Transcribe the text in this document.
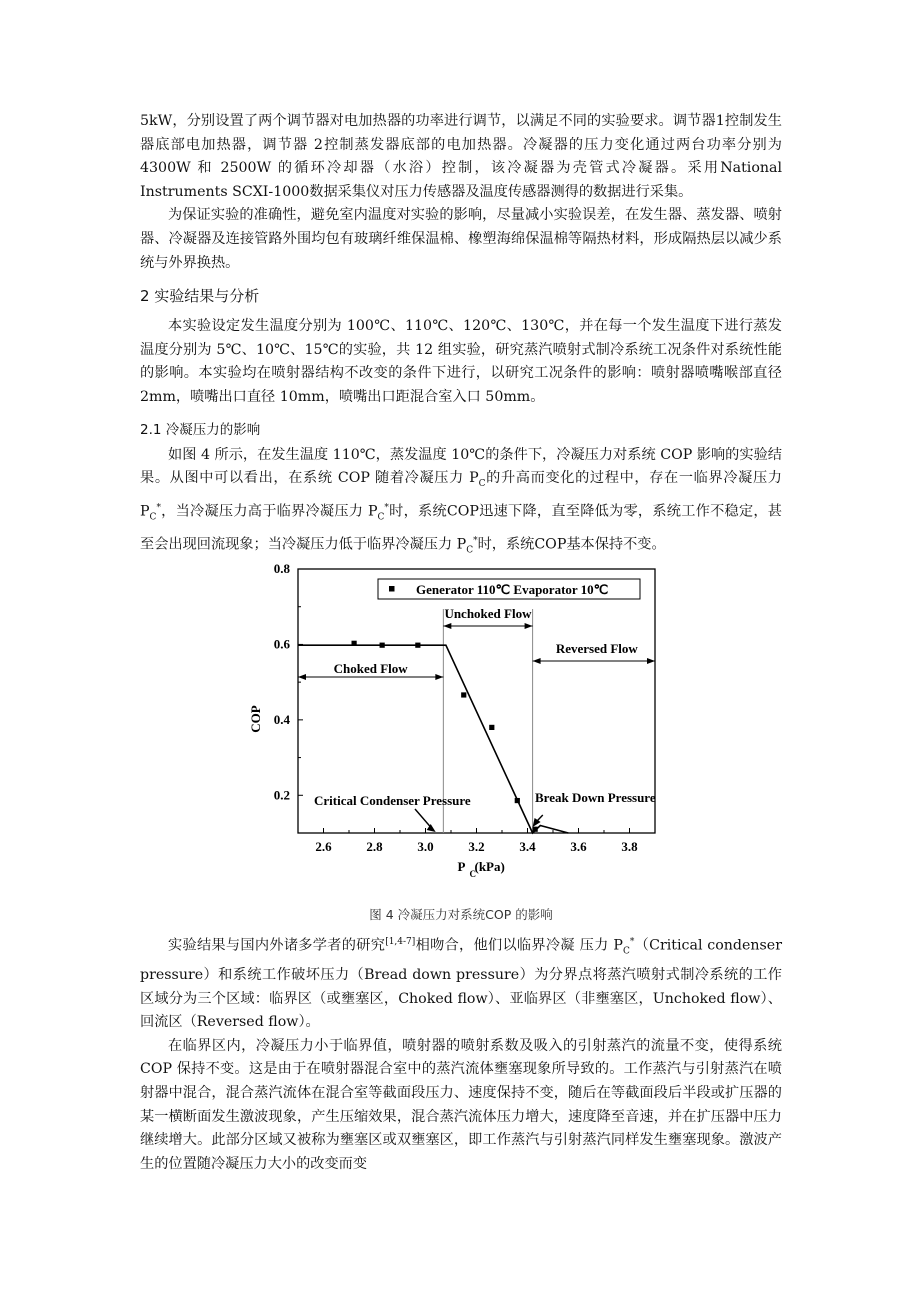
5kW，分别设置了两个调节器对电加热器的功率进行调节，以满足不同的实验要求。调节器1控制发生器底部电加热器，调节器 2控制蒸发器底部的电加热器。冷凝器的压力变化通过两台功率分别为 4300W 和 2500W 的循环冷却器（水浴）控制，该冷凝器为壳管式冷凝器。采用National Instruments SCXI-1000数据采集仪对压力传感器及温度传感器测得的数据进行采集。

为保证实验的准确性，避免室内温度对实验的影响，尽量减小实验误差，在发生器、蒸发器、喷射器、冷凝器及连接管路外围均包有玻璃纤维保温棉、橡塑海绵保温棉等隔热材料，形成隔热层以减少系统与外界换热。

2 实验结果与分析

本实验设定发生温度分别为 100℃、110℃、120℃、130℃，并在每一个发生温度下进行蒸发温度分别为 5℃、10℃、15℃的实验，共 12 组实验，研究蒸汽喷射式制冷系统工况条件对系统性能的影响。本实验均在喷射器结构不改变的条件下进行，以研究工况条件的影响：喷射器喷嘴喉部直径 2mm，喷嘴出口直径 10mm，喷嘴出口距混合室入口 50mm。

2.1 冷凝压力的影响

如图 4 所示，在发生温度 110℃，蒸发温度 10℃的条件下，冷凝压力对系统 COP 影响的实验结果。从图中可以看出，在系统 COP 随着冷凝压力 $P_C$的升高而变化的过程中，存在一临界冷凝压力 $P_C^*$，当冷凝压力高于临界冷凝压力 $P_C^*$时，系统COP迅速下降，直至降低为零，系统工作不稳定，甚至会出现回流现象；当冷凝压力低于临界冷凝压力 $P_C^*$时，系统COP基本保持不变。

2.6	2.8	3.0	3.2	3.4	3.6	3.8
0.2
0.4
0.6
0.8
P C
(kPa)
COP
Generator 110℃ Evaporator 10℃
Unchoked Flow
Choked Flow
Reversed Flow
Critical Condenser Pressure	Break Down Pressure
图 4 冷凝压力对系统COP 的影响

实验结果与国内外诸多学者的研究[1,4-7]相吻合，他们以临界冷凝 压力 $P_C^*(Critical$ condenser pressure）和系统工作破坏压力（Bread down pressure）为分界点将蒸汽喷射式制冷系统的工作区域分为三个区域：临界区（或壅塞区，Choked flow）、亚临界区（非壅塞区，Unchoked flow）、回流区（Reversed flow）。

在临界区内，冷凝压力小于临界值，喷射器的喷射系数及吸入的引射蒸汽的流量不变，使得系统 COP 保持不变。这是由于在喷射器混合室中的蒸汽流体壅塞现象所导致的。工作蒸汽与引射蒸汽在喷射器中混合，混合蒸汽流体在混合室等截面段压力、速度保持不变，随后在等截面段后半段或扩压器的某一横断面发生激波现象，产生压缩效果，混合蒸汽流体压力增大，速度降至音速，并在扩压器中压力继续增大。此部分区域又被称为壅塞区或双壅塞区，即工作蒸汽与引射蒸汽同样发生壅塞现象。激波产生的位置随冷凝压力大小的改变而变
